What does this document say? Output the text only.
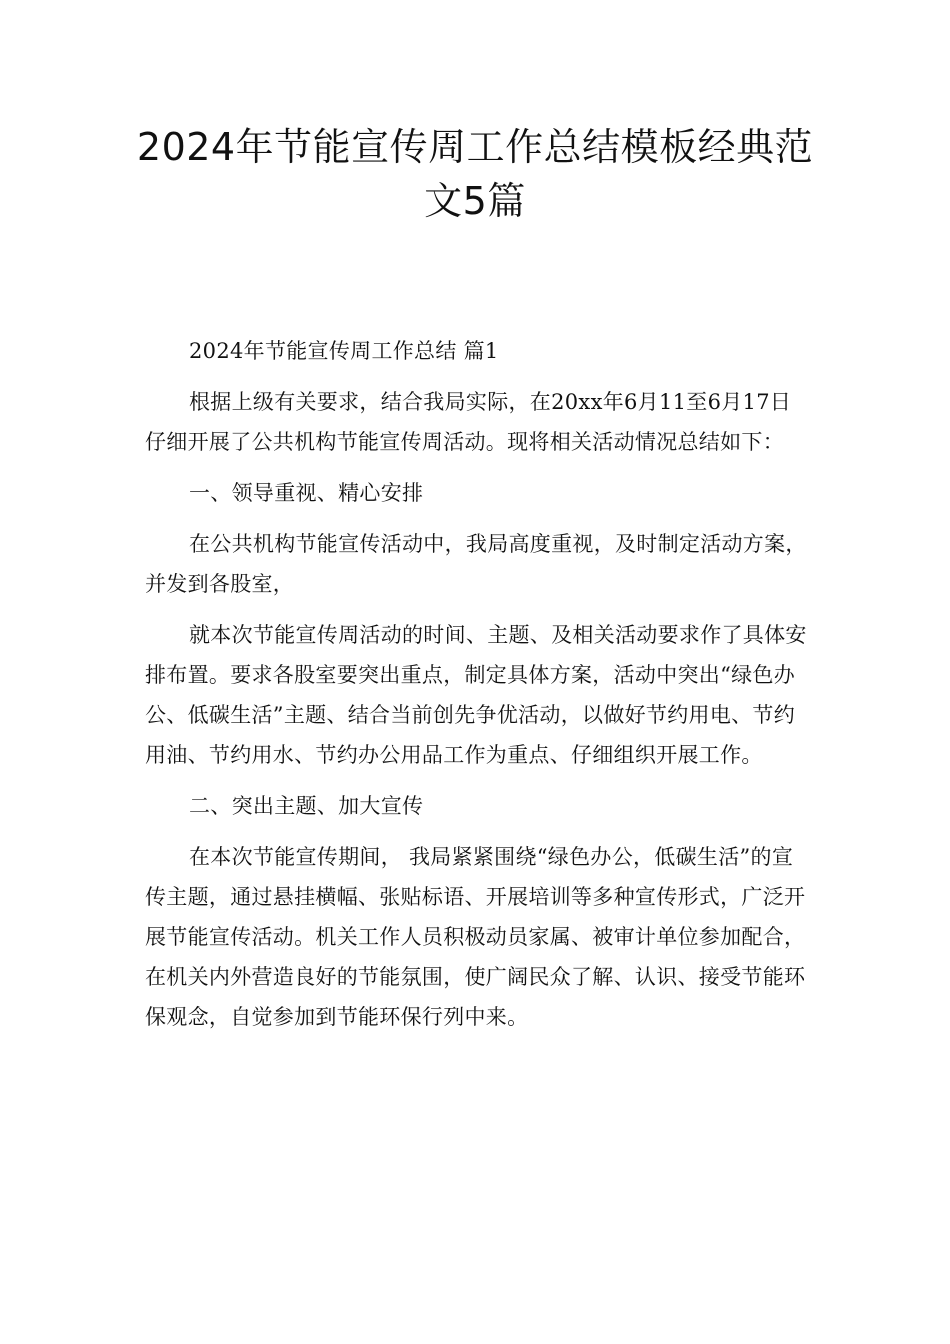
2024年节能宣传周工作总结模板经典范
文5篇

2024年节能宣传周工作总结 篇1

根据上级有关要求，结合我局实际，在20xx年6月11至6月17日仔细开展了公共机构节能宣传周活动。现将相关活动情况总结如下：

一、领导重视、精心安排

在公共机构节能宣传活动中，我局高度重视，及时制定活动方案，并发到各股室，

就本次节能宣传周活动的时间、主题、及相关活动要求作了具体安排布置。要求各股室要突出重点，制定具体方案，活动中突出“绿色办公、低碳生活”主题、结合当前创先争优活动，以做好节约用电、节约用油、节约用水、节约办公用品工作为重点、仔细组织开展工作。

二、突出主题、加大宣传

在本次节能宣传期间， 我局紧紧围绕“绿色办公，低碳生活”的宣传主题，通过悬挂横幅、张贴标语、开展培训等多种宣传形式，广泛开展节能宣传活动。机关工作人员积极动员家属、被审计单位参加配合，在机关内外营造良好的节能氛围，使广阔民众了解、认识、接受节能环保观念，自觉参加到节能环保行列中来。
